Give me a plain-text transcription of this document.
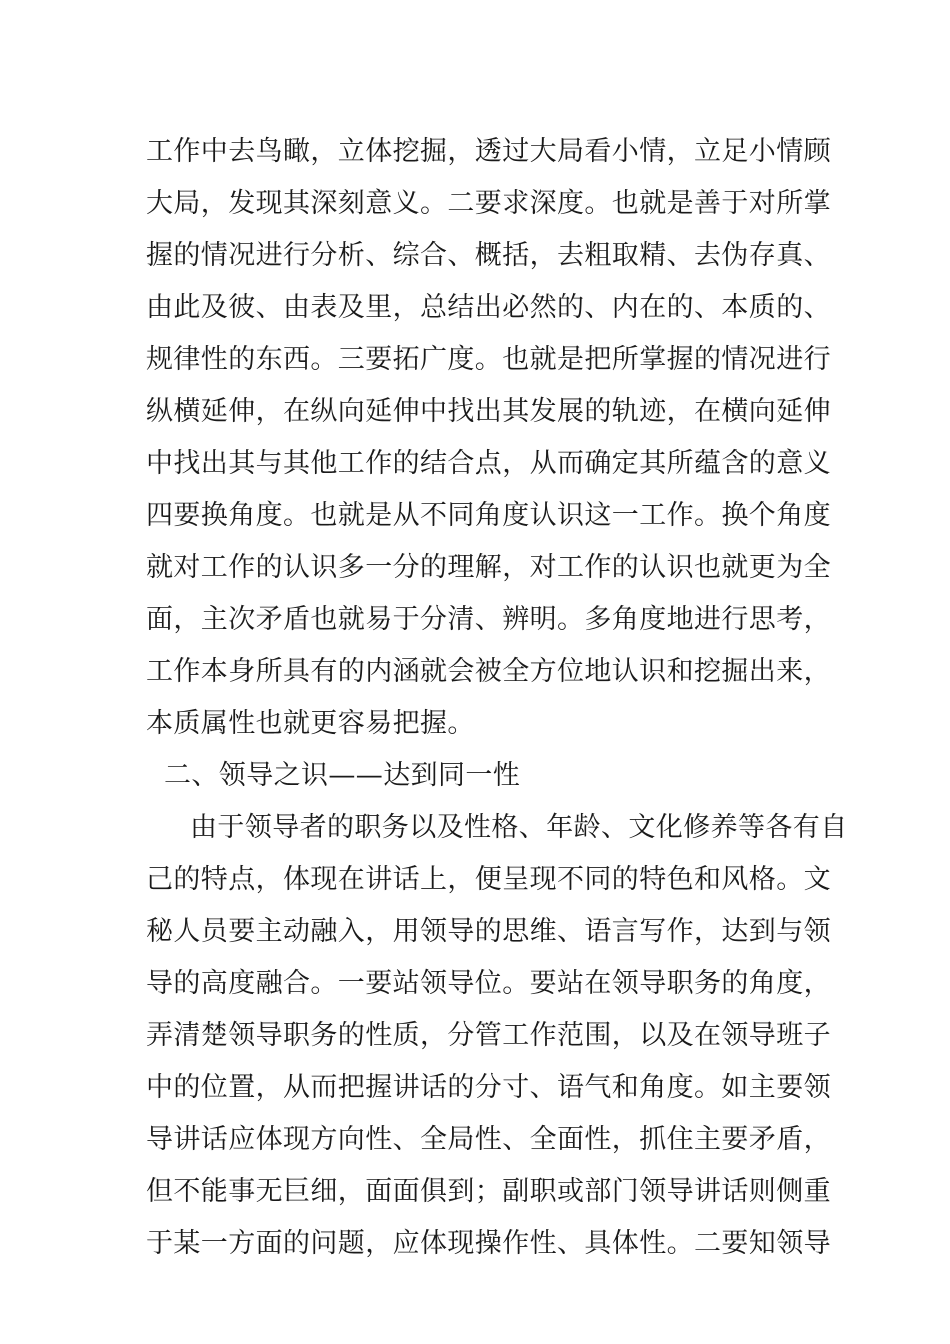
工作中去鸟瞰，立体挖掘，透过大局看小情，立足小情顾
大局，发现其深刻意义。二要求深度。也就是善于对所掌
握的情况进行分析、综合、概括，去粗取精、去伪存真、
由此及彼、由表及里，总结出必然的、内在的、本质的、
规律性的东西。三要拓广度。也就是把所掌握的情况进行
纵横延伸，在纵向延伸中找出其发展的轨迹，在横向延伸
中找出其与其他工作的结合点，从而确定其所蕴含的意义
四要换角度。也就是从不同角度认识这一工作。换个角度
就对工作的认识多一分的理解，对工作的认识也就更为全
面，主次矛盾也就易于分清、辨明。多角度地进行思考，
工作本身所具有的内涵就会被全方位地认识和挖掘出来，
本质属性也就更容易把握。
二、领导之识——达到同一性
由于领导者的职务以及性格、年龄、文化修养等各有自
己的特点，体现在讲话上，便呈现不同的特色和风格。文
秘人员要主动融入，用领导的思维、语言写作，达到与领
导的高度融合。一要站领导位。要站在领导职务的角度，
弄清楚领导职务的性质，分管工作范围，以及在领导班子
中的位置，从而把握讲话的分寸、语气和角度。如主要领
导讲话应体现方向性、全局性、全面性，抓住主要矛盾，
但不能事无巨细，面面俱到；副职或部门领导讲话则侧重
于某一方面的问题，应体现操作性、具体性。二要知领导
